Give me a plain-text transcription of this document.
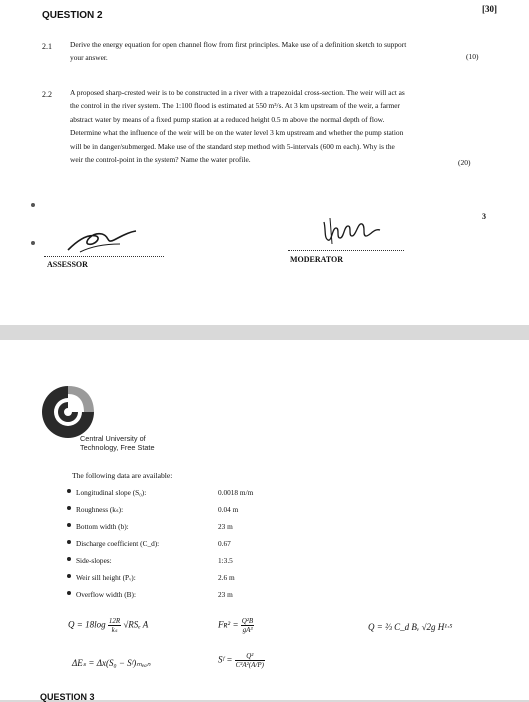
[30]
QUESTION 2
2.1 Derive the energy equation for open channel flow from first principles. Make use of a definition sketch to support
your answer.	(10)
2.2 A proposed sharp-crested weir is to be constructed in a river with a trapezoidal cross-section. The weir will act as
the control in the river system. The 1:100 flood is estimated at 550 m³/s. At 3 km upstream of the weir, a farmer
abstract water by means of a fixed pump station at a reduced height 0.5 m above the normal depth of flow.
Determine what the influence of the weir will be on the water level 3 km upstream and whether the pump station
will be in danger/submerged. Make use of the standard step method with 5-intervals (600 m each). Why is the
weir the control-point in the system? Name the water profile.	(20)
3
ASSESSOR
MODERATOR
Central University of
Technology, Free State
The following data are available:
Longitudinal slope (S₀):	0.0018 m/m
Roughness (kₛ):	0.04 m
Bottom width (b):	23 m
Discharge coefficient (C_d):	0.67
Side-slopes:	1:3.5
Weir sill height (Pᵥ):	2.6 m
Overflow width (B):	23 m
$Q = 18\log \frac{12R}{\text{kₛ}} √RS_e$ A	Fʀ² = $\frac{\text{Q²B}}{\text{gA³}}$	Q = ⅔ C_d Bᵥ √2g H¹·⁵
ΔEₛ = Δx(S₀ − Sᶠ)ₘₑₐₙ	Sᶠ = $\frac{\text{Q²}}{\text{C²A²(A/P)}}$
QUESTION 3
